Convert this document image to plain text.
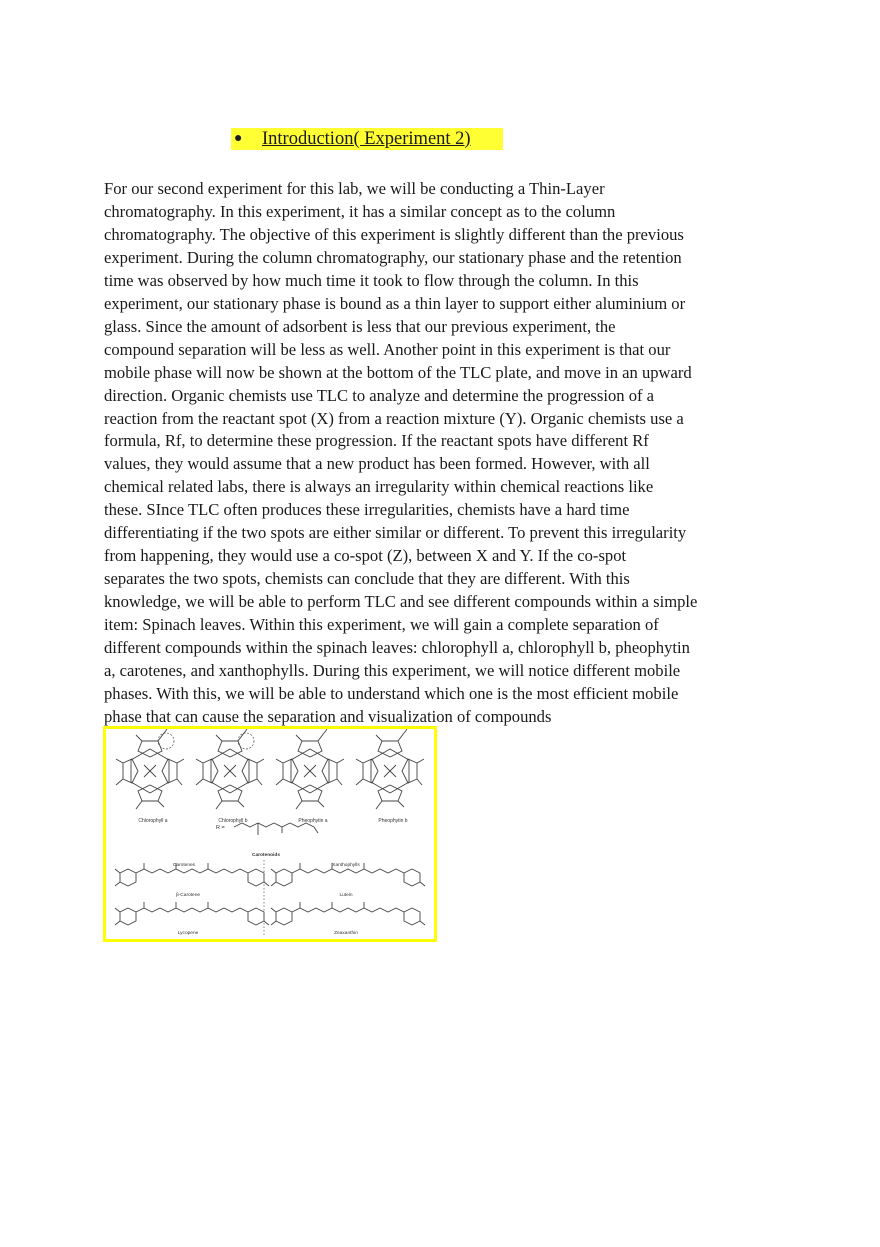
● Introduction( Experiment 2)
For our second experiment for this lab, we will be conducting a Thin-Layer
chromatography. In this experiment, it has a similar concept as to the column
chromatography. The objective of this experiment is slightly different than the previous
experiment. During the column chromatography, our stationary phase and the retention
time was observed by how much time it took to flow through the column. In this
experiment, our stationary phase is bound as a thin layer to support either aluminium or
glass. Since the amount of adsorbent is less that our previous experiment, the
compound separation will be less as well. Another point in this experiment is that our
mobile phase will now be shown at the bottom of the TLC plate, and move in an upward
direction. Organic chemists use TLC to analyze and determine the progression of a
reaction from the reactant spot (X) from a reaction mixture (Y). Organic chemists use a
formula, Rf, to determine these progression. If the reactant spots have different Rf
values, they would assume that a new product has been formed. However, with all
chemical related labs, there is always an irregularity within chemical reactions like
these. SInce TLC often produces these irregularities, chemists have a hard time
differentiating if the two spots are either similar or different. To prevent this irregularity
from happening, they would use a co-spot (Z), between X and Y. If the co-spot
separates the two spots, chemists can conclude that they are different. With this
knowledge, we will be able to perform TLC and see different compounds within a simple
item: Spinach leaves. Within this experiment, we will gain a complete separation of
different compounds within the spinach leaves: chlorophyll a, chlorophyll b, pheophytin
a, carotenes, and xanthophylls. During this experiment, we will notice different mobile
phases. With this, we will be able to understand which one is the most efficient mobile
phase that can cause the separation and visualization of compounds
Chlorophyll a	Chlorophyll b	Pheophytin a	Pheophytin b
R =
Carotenoids
Carotenes	Xanthophylls
β-Carotene
Lycopene
Lutein
Zeaxanthin
